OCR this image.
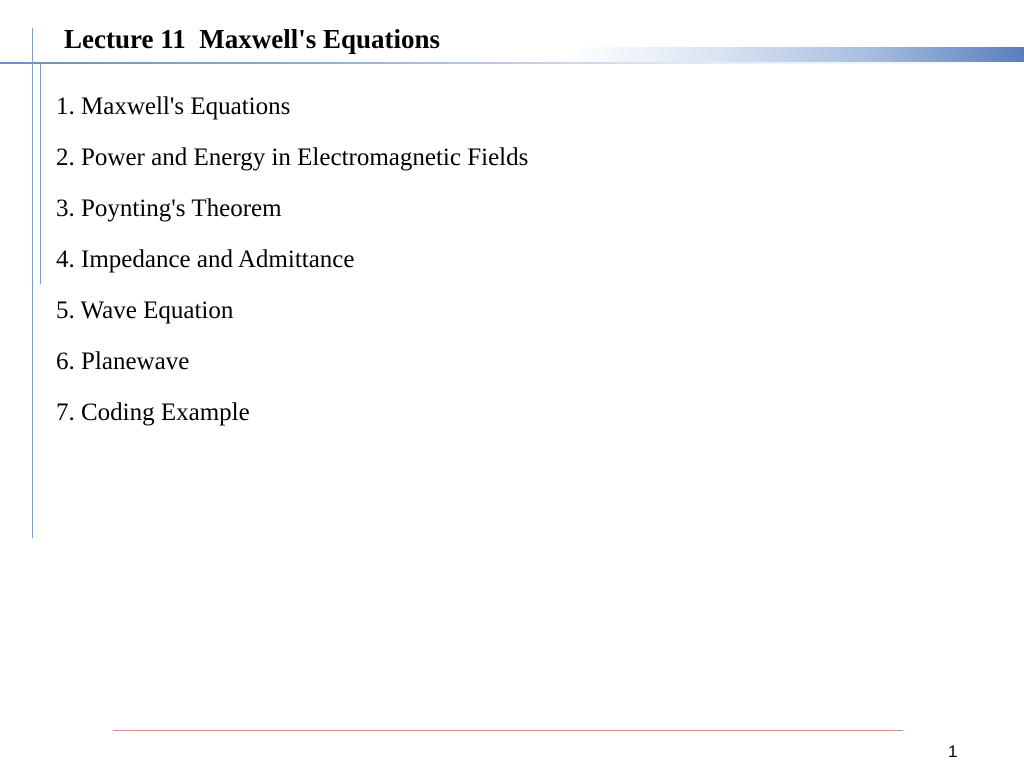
Lecture 11  Maxwell's Equations
1. Maxwell's Equations
2. Power and Energy in Electromagnetic Fields
3. Poynting's Theorem
4. Impedance and Admittance
5. Wave Equation
6. Planewave
7. Coding Example
1
